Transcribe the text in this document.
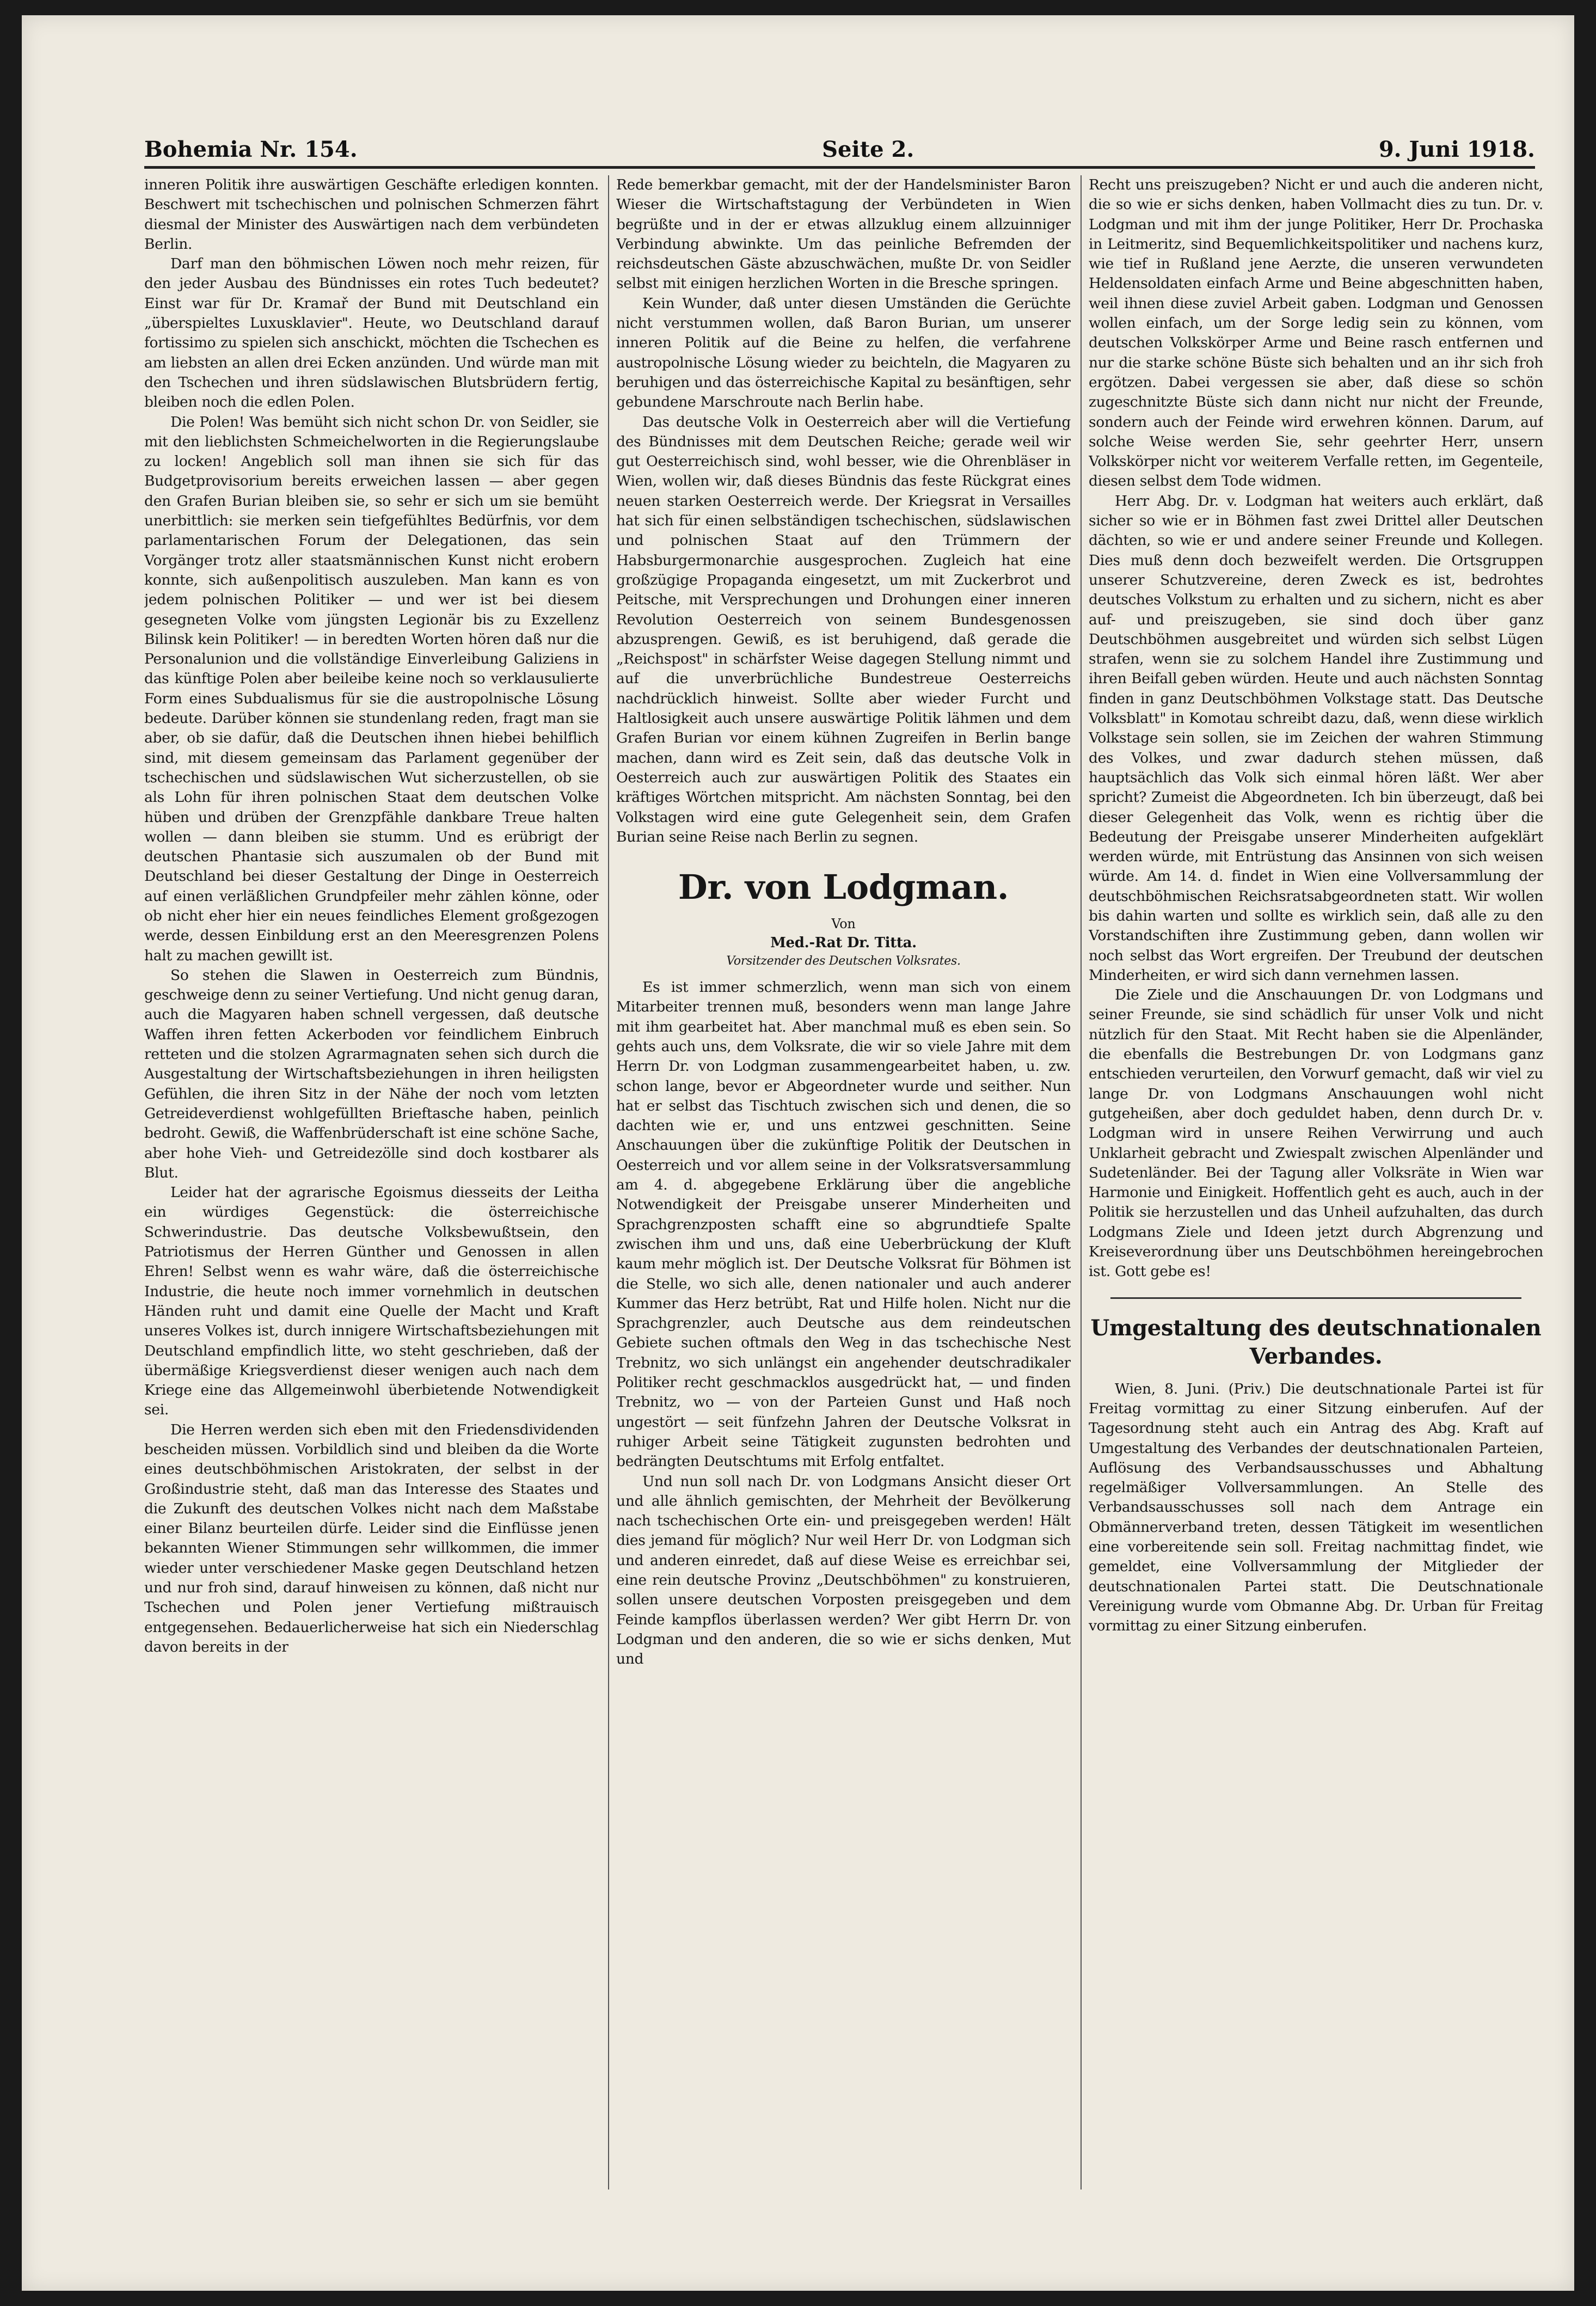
Bohemia Nr. 154.	Seite 2.	9. Juni 1918.

inneren Politik ihre auswärtigen Geschäfte erledigen konnten. Beschwert mit tschechischen und polnischen Schmerzen fährt diesmal der Minister des Auswärtigen nach dem verbündeten Berlin.

Darf man den böhmischen Löwen noch mehr reizen, für den jeder Ausbau des Bündnisses ein rotes Tuch bedeutet? Einst war für Dr. Kramař der Bund mit Deutschland ein „überspieltes Luxusklavier". Heute, wo Deutschland darauf fortissimo zu spielen sich anschickt, möchten die Tschechen es am liebsten an allen drei Ecken anzünden. Und würde man mit den Tschechen und ihren südslawischen Blutsbrüdern fertig, bleiben noch die edlen Polen.

Die Polen! Was bemüht sich nicht schon Dr. von Seidler, sie mit den lieblichsten Schmeichelworten in die Regierungslaube zu locken! Angeblich soll man ihnen sie sich für das Budgetprovisorium bereits erweichen lassen — aber gegen den Grafen Burian bleiben sie, so sehr er sich um sie bemüht unerbittlich: sie merken sein tiefgefühltes Bedürfnis, vor dem parlamentarischen Forum der Delegationen, das sein Vorgänger trotz aller staatsmännischen Kunst nicht erobern konnte, sich außenpolitisch auszuleben. Man kann es von jedem polnischen Politiker — und wer ist bei diesem gesegneten Volke vom jüngsten Legionär bis zu Exzellenz Bilinsk kein Politiker! — in beredten Worten hören daß nur die Personalunion und die vollständige Einverleibung Galiziens in das künftige Polen aber beileibe keine noch so verklausulierte Form eines Subdualismus für sie die austropolnische Lösung bedeute. Darüber können sie stundenlang reden, fragt man sie aber, ob sie dafür, daß die Deutschen ihnen hiebei behilflich sind, mit diesem gemeinsam das Parlament gegenüber der tschechischen und südslawischen Wut sicherzustellen, ob sie als Lohn für ihren polnischen Staat dem deutschen Volke hüben und drüben der Grenzpfähle dankbare Treue halten wollen — dann bleiben sie stumm. Und es erübrigt der deutschen Phantasie sich auszumalen ob der Bund mit Deutschland bei dieser Gestaltung der Dinge in Oesterreich auf einen verläßlichen Grundpfeiler mehr zählen könne, oder ob nicht eher hier ein neues feindliches Element großgezogen werde, dessen Einbildung erst an den Meeresgrenzen Polens halt zu machen gewillt ist.

So stehen die Slawen in Oesterreich zum Bündnis, geschweige denn zu seiner Vertiefung. Und nicht genug daran, auch die Magyaren haben schnell vergessen, daß deutsche Waffen ihren fetten Ackerboden vor feindlichem Einbruch retteten und die stolzen Agrarmagnaten sehen sich durch die Ausgestaltung der Wirtschaftsbeziehungen in ihren heiligsten Gefühlen, die ihren Sitz in der Nähe der noch vom letzten Getreideverdienst wohlgefüllten Brieftasche haben, peinlich bedroht. Gewiß, die Waffenbrüderschaft ist eine schöne Sache, aber hohe Vieh- und Getreidezölle sind doch kostbarer als Blut.

Leider hat der agrarische Egoismus diesseits der Leitha ein würdiges Gegenstück: die österreichische Schwerindustrie. Das deutsche Volksbewußtsein, den Patriotismus der Herren Günther und Genossen in allen Ehren! Selbst wenn es wahr wäre, daß die österreichische Industrie, die heute noch immer vornehmlich in deutschen Händen ruht und damit eine Quelle der Macht und Kraft unseres Volkes ist, durch innigere Wirtschaftsbeziehungen mit Deutschland empfindlich litte, wo steht geschrieben, daß der übermäßige Kriegsverdienst dieser wenigen auch nach dem Kriege eine das Allgemeinwohl überbietende Notwendigkeit sei.

Die Herren werden sich eben mit den Friedensdividenden bescheiden müssen. Vorbildlich sind und bleiben da die Worte eines deutschböhmischen Aristokraten, der selbst in der Großindustrie steht, daß man das Interesse des Staates und die Zukunft des deutschen Volkes nicht nach dem Maßstabe einer Bilanz beurteilen dürfe. Leider sind die Einflüsse jenen bekannten Wiener Stimmungen sehr willkommen, die immer wieder unter verschiedener Maske gegen Deutschland hetzen und nur froh sind, darauf hinweisen zu können, daß nicht nur Tschechen und Polen jener Vertiefung mißtrauisch entgegensehen. Bedauerlicherweise hat sich ein Niederschlag davon bereits in der

Rede bemerkbar gemacht, mit der der Handelsminister Baron Wieser die Wirtschaftstagung der Verbündeten in Wien begrüßte und in der er etwas allzuklug einem allzuinniger Verbindung abwinkte. Um das peinliche Befremden der reichsdeutschen Gäste abzuschwächen, mußte Dr. von Seidler selbst mit einigen herzlichen Worten in die Bresche springen.

Kein Wunder, daß unter diesen Umständen die Gerüchte nicht verstummen wollen, daß Baron Burian, um unserer inneren Politik auf die Beine zu helfen, die verfahrene austropolnische Lösung wieder zu beichteln, die Magyaren zu beruhigen und das österreichische Kapital zu besänftigen, sehr gebundene Marschroute nach Berlin habe.

Das deutsche Volk in Oesterreich aber will die Vertiefung des Bündnisses mit dem Deutschen Reiche; gerade weil wir gut Oesterreichisch sind, wohl besser, wie die Ohrenbläser in Wien, wollen wir, daß dieses Bündnis das feste Rückgrat eines neuen starken Oesterreich werde. Der Kriegsrat in Versailles hat sich für einen selbständigen tschechischen, südslawischen und polnischen Staat auf den Trümmern der Habsburgermonarchie ausgesprochen. Zugleich hat eine großzügige Propaganda eingesetzt, um mit Zuckerbrot und Peitsche, mit Versprechungen und Drohungen einer inneren Revolution Oesterreich von seinem Bundesgenossen abzusprengen. Gewiß, es ist beruhigend, daß gerade die „Reichspost" in schärfster Weise dagegen Stellung nimmt und auf die unverbrüchliche Bundestreue Oesterreichs nachdrücklich hinweist. Sollte aber wieder Furcht und Haltlosigkeit auch unsere auswärtige Politik lähmen und dem Grafen Burian vor einem kühnen Zugreifen in Berlin bange machen, dann wird es Zeit sein, daß das deutsche Volk in Oesterreich auch zur auswärtigen Politik des Staates ein kräftiges Wörtchen mitspricht. Am nächsten Sonntag, bei den Volkstagen wird eine gute Gelegenheit sein, dem Grafen Burian seine Reise nach Berlin zu segnen.

Dr. von Lodgman.
Von
Med.-Rat Dr. Titta.
Vorsitzender des Deutschen Volksrates.

Es ist immer schmerzlich, wenn man sich von einem Mitarbeiter trennen muß, besonders wenn man lange Jahre mit ihm gearbeitet hat. Aber manchmal muß es eben sein. So gehts auch uns, dem Volksrate, die wir so viele Jahre mit dem Herrn Dr. von Lodgman zusammengearbeitet haben, u. zw. schon lange, bevor er Abgeordneter wurde und seither. Nun hat er selbst das Tischtuch zwischen sich und denen, die so dachten wie er, und uns entzwei geschnitten. Seine Anschauungen über die zukünftige Politik der Deutschen in Oesterreich und vor allem seine in der Volksratsversammlung am 4. d. abgegebene Erklärung über die angebliche Notwendigkeit der Preisgabe unserer Minderheiten und Sprachgrenzposten schafft eine so abgrundtiefe Spalte zwischen ihm und uns, daß eine Ueberbrückung der Kluft kaum mehr möglich ist. Der Deutsche Volksrat für Böhmen ist die Stelle, wo sich alle, denen nationaler und auch anderer Kummer das Herz betrübt, Rat und Hilfe holen. Nicht nur die Sprachgrenzler, auch Deutsche aus dem reindeutschen Gebiete suchen oftmals den Weg in das tschechische Nest Trebnitz, wo sich unlängst ein angehender deutschradikaler Politiker recht geschmacklos ausgedrückt hat, — und finden Trebnitz, wo — von der Parteien Gunst und Haß noch ungestört — seit fünfzehn Jahren der Deutsche Volksrat in ruhiger Arbeit seine Tätigkeit zugunsten bedrohten und bedrängten Deutschtums mit Erfolg entfaltet.

Und nun soll nach Dr. von Lodgmans Ansicht dieser Ort und alle ähnlich gemischten, der Mehrheit der Bevölkerung nach tschechischen Orte ein- und preisgegeben werden! Hält dies jemand für möglich? Nur weil Herr Dr. von Lodgman sich und anderen einredet, daß auf diese Weise es erreichbar sei, eine rein deutsche Provinz „Deutschböhmen" zu konstruieren, sollen unsere deutschen Vorposten preisgegeben und dem Feinde kampflos überlassen werden? Wer gibt Herrn Dr. von Lodgman und den anderen, die so wie er sichs denken, Mut und

Recht uns preiszugeben? Nicht er und auch die anderen nicht, die so wie er sichs denken, haben Vollmacht dies zu tun. Dr. v. Lodgman und mit ihm der junge Politiker, Herr Dr. Prochaska in Leitmeritz, sind Bequemlichkeitspolitiker und nachens kurz, wie tief in Rußland jene Aerzte, die unseren verwundeten Heldensoldaten einfach Arme und Beine abgeschnitten haben, weil ihnen diese zuviel Arbeit gaben. Lodgman und Genossen wollen einfach, um der Sorge ledig sein zu können, vom deutschen Volkskörper Arme und Beine rasch entfernen und nur die starke schöne Büste sich behalten und an ihr sich froh ergötzen. Dabei vergessen sie aber, daß diese so schön zugeschnitzte Büste sich dann nicht nur nicht der Freunde, sondern auch der Feinde wird erwehren können. Darum, auf solche Weise werden Sie, sehr geehrter Herr, unsern Volkskörper nicht vor weiterem Verfalle retten, im Gegenteile, diesen selbst dem Tode widmen.

Herr Abg. Dr. v. Lodgman hat weiters auch erklärt, daß sicher so wie er in Böhmen fast zwei Drittel aller Deutschen dächten, so wie er und andere seiner Freunde und Kollegen. Dies muß denn doch bezweifelt werden. Die Ortsgruppen unserer Schutzvereine, deren Zweck es ist, bedrohtes deutsches Volkstum zu erhalten und zu sichern, nicht es aber auf- und preiszugeben, sie sind doch über ganz Deutschböhmen ausgebreitet und würden sich selbst Lügen strafen, wenn sie zu solchem Handel ihre Zustimmung und ihren Beifall geben würden. Heute und auch nächsten Sonntag finden in ganz Deutschböhmen Volkstage statt. Das Deutsche Volksblatt" in Komotau schreibt dazu, daß, wenn diese wirklich Volkstage sein sollen, sie im Zeichen der wahren Stimmung des Volkes, und zwar dadurch stehen müssen, daß hauptsächlich das Volk sich einmal hören läßt. Wer aber spricht? Zumeist die Abgeordneten. Ich bin überzeugt, daß bei dieser Gelegenheit das Volk, wenn es richtig über die Bedeutung der Preisgabe unserer Minderheiten aufgeklärt werden würde, mit Entrüstung das Ansinnen von sich weisen würde. Am 14. d. findet in Wien eine Vollversammlung der deutschböhmischen Reichsratsabgeordneten statt. Wir wollen bis dahin warten und sollte es wirklich sein, daß alle zu den Vorstandschiften ihre Zustimmung geben, dann wollen wir noch selbst das Wort ergreifen. Der Treubund der deutschen Minderheiten, er wird sich dann vernehmen lassen.

Die Ziele und die Anschauungen Dr. von Lodgmans und seiner Freunde, sie sind schädlich für unser Volk und nicht nützlich für den Staat. Mit Recht haben sie die Alpenländer, die ebenfalls die Bestrebungen Dr. von Lodgmans ganz entschieden verurteilen, den Vorwurf gemacht, daß wir viel zu lange Dr. von Lodgmans Anschauungen wohl nicht gutgeheißen, aber doch geduldet haben, denn durch Dr. v. Lodgman wird in unsere Reihen Verwirrung und auch Unklarheit gebracht und Zwiespalt zwischen Alpenländer und Sudetenländer. Bei der Tagung aller Volksräte in Wien war Harmonie und Einigkeit. Hoffentlich geht es auch, auch in der Politik sie herzustellen und das Unheil aufzuhalten, das durch Lodgmans Ziele und Ideen jetzt durch Abgrenzung und Kreiseverordnung über uns Deutschböhmen hereingebrochen ist. Gott gebe es!

Umgestaltung des deutschnationalen Verbandes.

Wien, 8. Juni. (Priv.) Die deutschnationale Partei ist für Freitag vormittag zu einer Sitzung einberufen. Auf der Tagesordnung steht auch ein Antrag des Abg. Kraft auf Umgestaltung des Verbandes der deutschnationalen Parteien, Auflösung des Verbandsausschusses und Abhaltung regelmäßiger Vollversammlungen. An Stelle des Verbandsausschusses soll nach dem Antrage ein Obmännerverband treten, dessen Tätigkeit im wesentlichen eine vorbereitende sein soll. Freitag nachmittag findet, wie gemeldet, eine Vollversammlung der Mitglieder der deutschnationalen Partei statt. Die Deutschnationale Vereinigung wurde vom Obmanne Abg. Dr. Urban für Freitag vormittag zu einer Sitzung einberufen.
